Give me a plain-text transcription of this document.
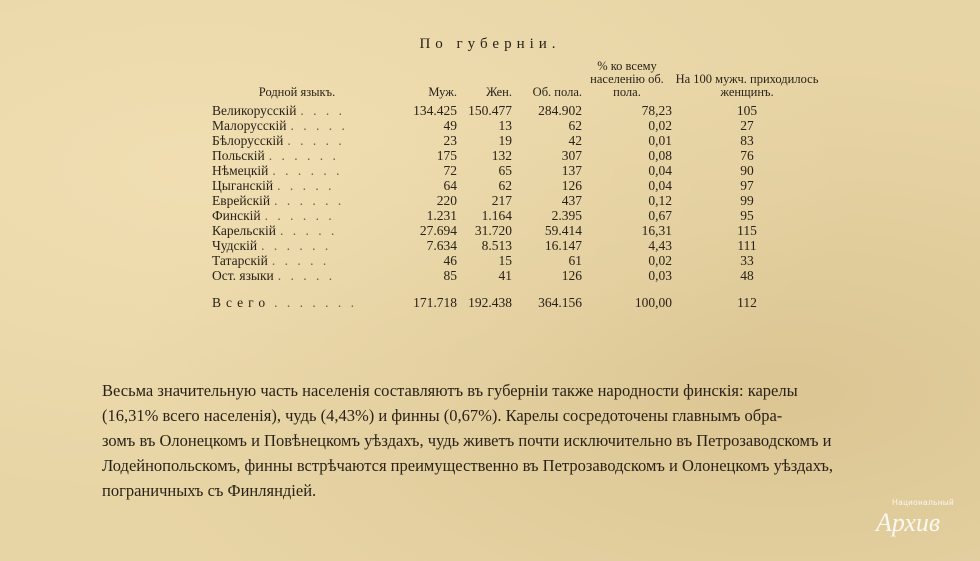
По губерніи.
Родной языкъ.	Муж.	Жен.	Об. пола.	% ко всему населенію об. пола.	На 100 мужч. приходилось женщинъ.
Великорусскій . . . .	134.425	150.477	284.902	78,23	105
Малорусскій . . . . .	49	13	62	0,02	27
Бѣлорусскій . . . . .	23	19	42	0,01	83
Польскій . . . . . .	175	132	307	0,08	76
Нѣмецкій . . . . . .	72	65	137	0,04	90
Цыганскій . . . . .	64	62	126	0,04	97
Еврейскій . . . . . .	220	217	437	0,12	99
Финскій . . . . . .	1.231	1.164	2.395	0,67	95
Карельскій . . . . .	27.694	31.720	59.414	16,31	115
Чудскій . . . . . .	7.634	8.513	16.147	4,43	111
Татарскій . . . . .	46	15	61	0,02	33
Ост. языки . . . . .	85	41	126	0,03	48

Всего . . . . . . .	171.718	192.438	364.156	100,00	112
Весьма значительную часть населенія составляютъ въ губерніи также народности финскія: карелы
(16,31% всего населенія), чудь (4,43%) и финны (0,67%). Карелы сосредоточены главнымъ обра-
зомъ въ Олонецкомъ и Повѣнецкомъ уѣздахъ, чудь живетъ почти исключительно въ Петрозаводскомъ и
Лодейнопольскомъ, финны встрѣчаются преимущественно въ Петрозаводскомъ и Олонецкомъ уѣздахъ,
пограничныхъ съ Финляндіей.
Национальный
Архив
